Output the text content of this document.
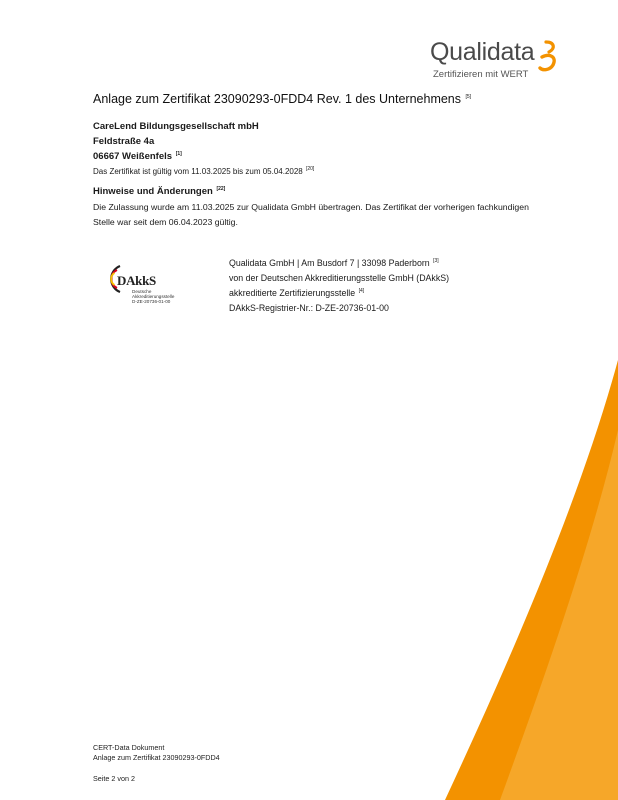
Qualidata
Zertifizieren mit WERT
Anlage zum Zertifikat 23090293-0FDD4 Rev. 1 des Unternehmens [5]
CareLend Bildungsgesellschaft mbH
Feldstraße 4a
06667 Weißenfels [1]
Das Zertifikat ist gültig vom 11.03.2025 bis zum 05.04.2028 [20]
Hinweise und Änderungen [22]
Die Zulassung wurde am 11.03.2025 zur Qualidata GmbH übertragen. Das Zertifikat der vorherigen fachkundigen Stelle war seit dem 06.04.2023 gültig.
DAkkS
Deutsche
Akkreditierungsstelle
D-ZE-20736-01-00
Qualidata GmbH | Am Busdorf 7 | 33098 Paderborn [3]
von der Deutschen Akkreditierungsstelle GmbH (DAkkS)
akkreditierte Zertifizierungsstelle [4]
DAkkS-Registrier-Nr.: D-ZE-20736-01-00
CERT-Data Dokument
Anlage zum Zertifikat 23090293-0FDD4
Seite 2 von 2
